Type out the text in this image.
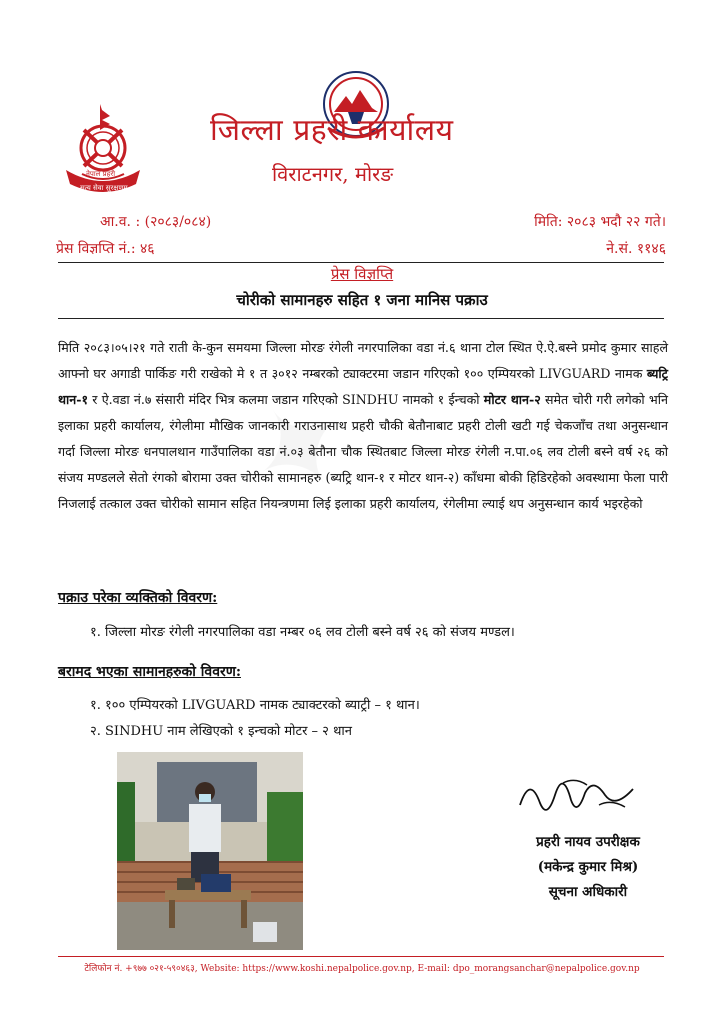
नेपाल प्रहरी
सत्य सेवा सुरक्षणम्
जिल्ला प्रहरी कार्यालय
विराटनगर, मोरङ
आ.व. : (२०८३/०८४)
प्रेस विज्ञप्ति नं.: ४६
मिति: २०८३ भदौ २२ गते।
ने.सं. ११४६
प्रेस विज्ञप्ति
चोरीको सामानहरु सहित १ जना मानिस पक्राउ
मिति २०८३।०५।२१ गते राती के-कुन समयमा जिल्ला मोरङ रंगेली नगरपालिका वडा नं.६ थाना टोल स्थित ऐ.ऐ.बस्ने प्रमोद कुमार साहले आफ्नो घर अगाडी पार्किङ गरी राखेको मे १ त ३०१२ नम्बरको ट्याक्टरमा जडान गरिएको १०० एम्पियरको LIVGUARD नामक ब्यट्रि थान-१ र ऐ.वडा नं.७ संसारी मंदिर भित्र कलमा जडान गरिएको SINDHU नामको १ ईन्चको मोटर थान-२ समेत चोरी गरी लगेको भनि इलाका प्रहरी कार्यालय, रंगेलीमा मौखिक जानकारी गराउनासाथ प्रहरी चौकी बेतौनाबाट प्रहरी टोली खटी गई चेकजाँच तथा अनुसन्धान गर्दा जिल्ला मोरङ धनपालथान गाउँपालिका वडा नं.०३ बेतौना चौक स्थितबाट जिल्ला मोरङ रंगेली न.पा.०६ लव टोली बस्ने वर्ष २६ को संजय मण्डलले सेतो रंगको बोरामा उक्त चोरीको सामानहरु (ब्यट्रि थान-१ र मोटर थान-२) काँधमा बोकी हिडिरहेको अवस्थामा फेला पारी निजलाई तत्काल उक्त चोरीको सामान सहित नियन्त्रणमा लिई इलाका प्रहरी कार्यालय, रंगेलीमा ल्याई थप अनुसन्धान कार्य भइरहेको
पक्राउ परेका व्यक्तिको विवरण:
१. जिल्ला मोरङ रंगेली नगरपालिका वडा नम्बर ०६ लव टोली बस्ने वर्ष २६ को संजय मण्डल।
बरामद भएका सामानहरुको विवरण:
१. १०० एम्पियरको LIVGUARD नामक ट्याक्टरको ब्याट्री – १ थान।
२. SINDHU नाम लेखिएको १ इन्चको मोटर – २ थान
प्रहरी नायव उपरीक्षक
(मकेन्द्र कुमार मिश्र)
सूचना अधिकारी
टेलिफोन नं. +९७७ ०२१-५९०४६३, Website: https://www.koshi.nepalpolice.gov.np, E-mail: dpo_morangsanchar@nepalpolice.gov.np
